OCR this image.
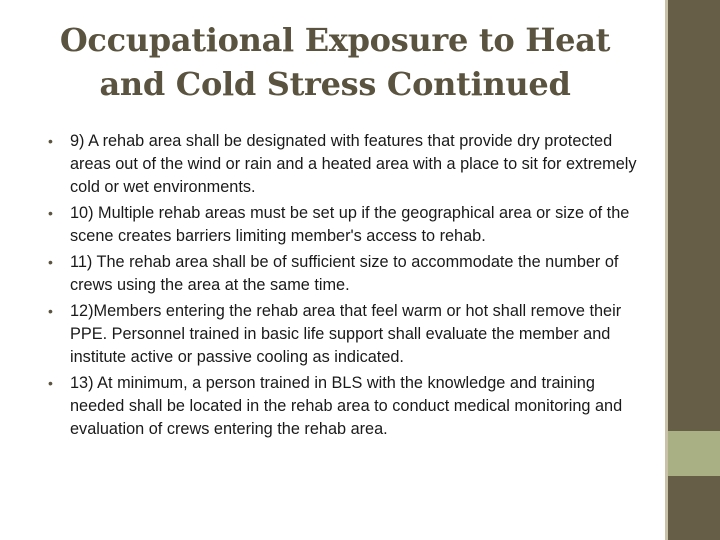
Occupational Exposure to Heat
and Cold Stress Continued
•	9) A rehab area shall be designated with features that provide dry protected areas out of the wind or rain and a heated area with a place to sit for extremely cold or wet environments.
•	10) Multiple rehab areas must be set up if the geographical area or size of the scene creates barriers limiting member's access to rehab.
•	11) The rehab area shall be of sufficient size to accommodate the number of crews using the area at the same time.
•	12)Members entering the rehab area that feel warm or hot shall remove their PPE. Personnel trained in basic life support shall evaluate the member and institute active or passive cooling as indicated.
•	13) At minimum, a person trained in BLS with the knowledge and training needed shall be located in the rehab area to conduct medical monitoring and evaluation of crews entering the rehab area.
